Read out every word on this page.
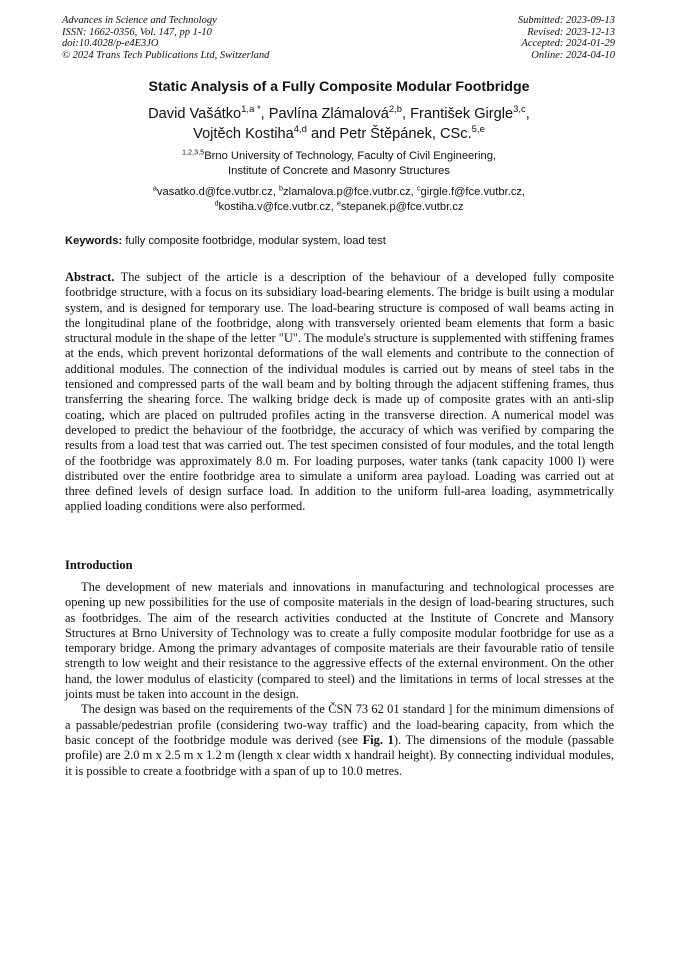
Advances in Science and Technology
ISSN: 1662-0356, Vol. 147, pp 1-10
doi:10.4028/p-e4E3JO
© 2024 Trans Tech Publications Ltd, Switzerland
Submitted: 2023-09-13
Revised: 2023-12-13
Accepted: 2024-01-29
Online: 2024-04-10
Static Analysis of a Fully Composite Modular Footbridge
David Vašátko$^{1,a *}$, Pavlína Zlámalová$^{2,b}$, František Girgle$^{3,c}$,
Vojtěch Kostiha$^{4,d}$ and Petr Štěpánek, CSc.$^{5,e}$
$^{1,2,3,5}$Brno University of Technology, Faculty of Civil Engineering,
Institute of Concrete and Masonry Structures
$^a$vasatko.d@fce.vutbr.cz, $^b$zlamalova.p@fce.vutbr.cz, $^c$girgle.f@fce.vutbr.cz,
$^d$kostiha.v@fce.vutbr.cz, $^e$stepanek.p@fce.vutbr.cz
Keywords: fully composite footbridge, modular system, load test
Abstract. The subject of the article is a description of the behaviour of a developed fully composite footbridge structure, with a focus on its subsidiary load-bearing elements. The bridge is built using a modular system, and is designed for temporary use. The load-bearing structure is composed of wall beams acting in the longitudinal plane of the footbridge, along with transversely oriented beam elements that form a basic structural module in the shape of the letter "U". The module's structure is supplemented with stiffening frames at the ends, which prevent horizontal deformations of the wall elements and contribute to the connection of additional modules. The connection of the individual modules is carried out by means of steel tabs in the tensioned and compressed parts of the wall beam and by bolting through the adjacent stiffening frames, thus transferring the shearing force. The walking bridge deck is made up of composite grates with an anti-slip coating, which are placed on pultruded profiles acting in the transverse direction. A numerical model was developed to predict the behaviour of the footbridge, the accuracy of which was verified by comparing the results from a load test that was carried out. The test specimen consisted of four modules, and the total length of the footbridge was approximately 8.0 m. For loading purposes, water tanks (tank capacity 1000 l) were distributed over the entire footbridge area to simulate a uniform area payload. Loading was carried out at three defined levels of design surface load. In addition to the uniform full-area loading, asymmetrically applied loading conditions were also performed.
Introduction

The development of new materials and innovations in manufacturing and technological processes are opening up new possibilities for the use of composite materials in the design of load-bearing structures, such as footbridges. The aim of the research activities conducted at the Institute of Concrete and Mansory Structures at Brno University of Technology was to create a fully composite modular footbridge for use as a temporary bridge. Among the primary advantages of composite materials are their favourable ratio of tensile strength to low weight and their resistance to the aggressive effects of the external environment. On the other hand, the lower modulus of elasticity (compared to steel) and the limitations in terms of local stresses at the joints must be taken into account in the design.

The design was based on the requirements of the ČSN 73 62 01 standard ] for the minimum dimensions of a passable/pedestrian profile (considering two-way traffic) and the load-bearing capacity, from which the basic concept of the footbridge module was derived (see Fig. 1). The dimensions of the module (passable profile) are 2.0 m x 2.5 m x 1.2 m (length x clear width x handrail height). By connecting individual modules, it is possible to create a footbridge with a span of up to 10.0 metres.
